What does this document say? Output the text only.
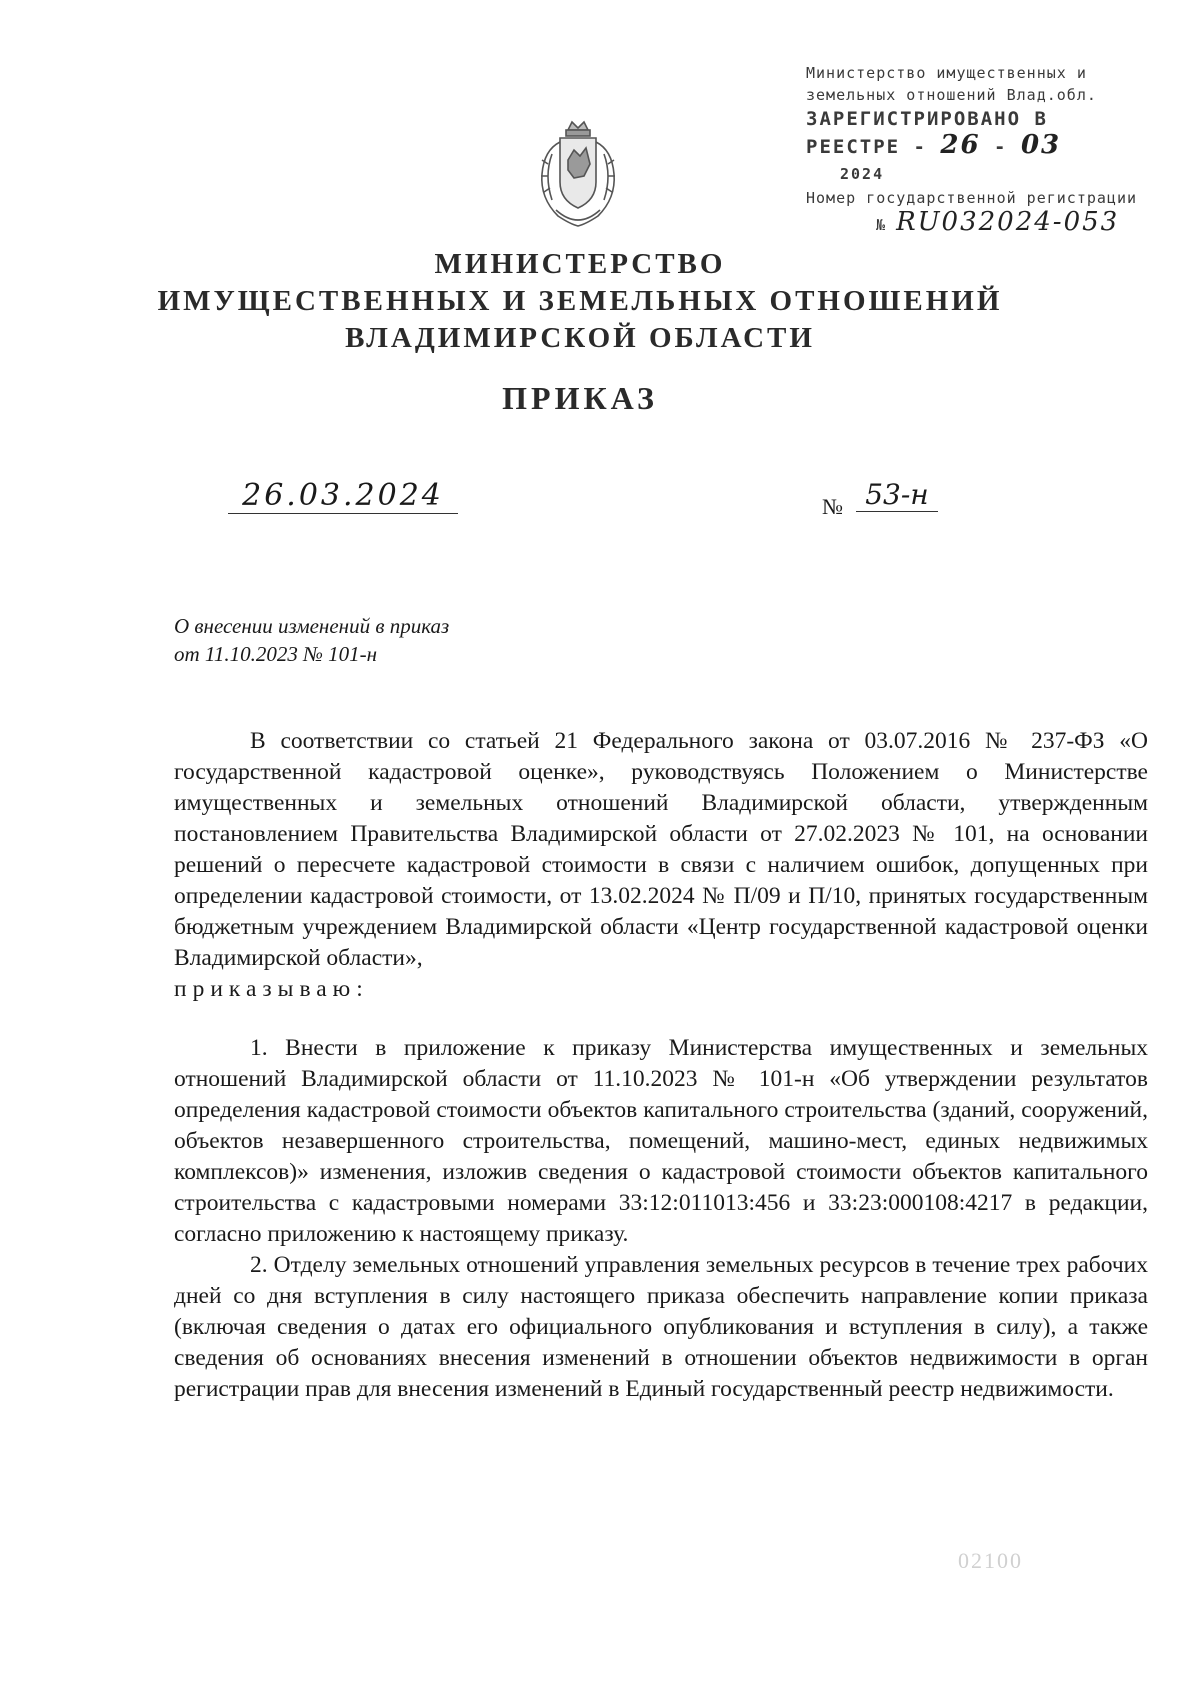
Министерство имущественных и
земельных отношений Влад.обл.
ЗАРЕГИСТРИРОВАНО В
РЕЕСТРЕ - 26 - 03 2024
Номер государственной регистрации
№ RU032024-053
МИНИСТЕРСТВО
ИМУЩЕСТВЕННЫХ И ЗЕМЕЛЬНЫХ ОТНОШЕНИЙ
ВЛАДИМИРСКОЙ ОБЛАСТИ
ПРИКАЗ
26.03.2024	№ 53-н
О внесении изменений в приказ
от 11.10.2023 № 101-н

В соответствии со статьей 21 Федерального закона от 03.07.2016 № 237-ФЗ «О государственной кадастровой оценке», руководствуясь Положением о Министерстве имущественных и земельных отношений Владимирской области, утвержденным постановлением Правительства Владимирской области от 27.02.2023 № 101, на основании решений о пересчете кадастровой стоимости в связи с наличием ошибок, допущенных при определении кадастровой стоимости, от 13.02.2024 № П/09 и П/10, принятых государственным бюджетным учреждением Владимирской области «Центр государственной кадастровой оценки Владимирской области»,
приказываю:

1. Внести в приложение к приказу Министерства имущественных и земельных отношений Владимирской области от 11.10.2023 № 101-н «Об утверждении результатов определения кадастровой стоимости объектов капитального строительства (зданий, сооружений, объектов незавершенного строительства, помещений, машино-мест, единых недвижимых комплексов)» изменения, изложив сведения о кадастровой стоимости объектов капитального строительства с кадастровыми номерами 33:12:011013:456 и 33:23:000108:4217 в редакции, согласно приложению к настоящему приказу.

2. Отделу земельных отношений управления земельных ресурсов в течение трех рабочих дней со дня вступления в силу настоящего приказа обеспечить направление копии приказа (включая сведения о датах его официального опубликования и вступления в силу), а также сведения об основаниях внесения изменений в отношении объектов недвижимости в орган регистрации прав для внесения изменений в Единый государственный реестр недвижимости.

02100
